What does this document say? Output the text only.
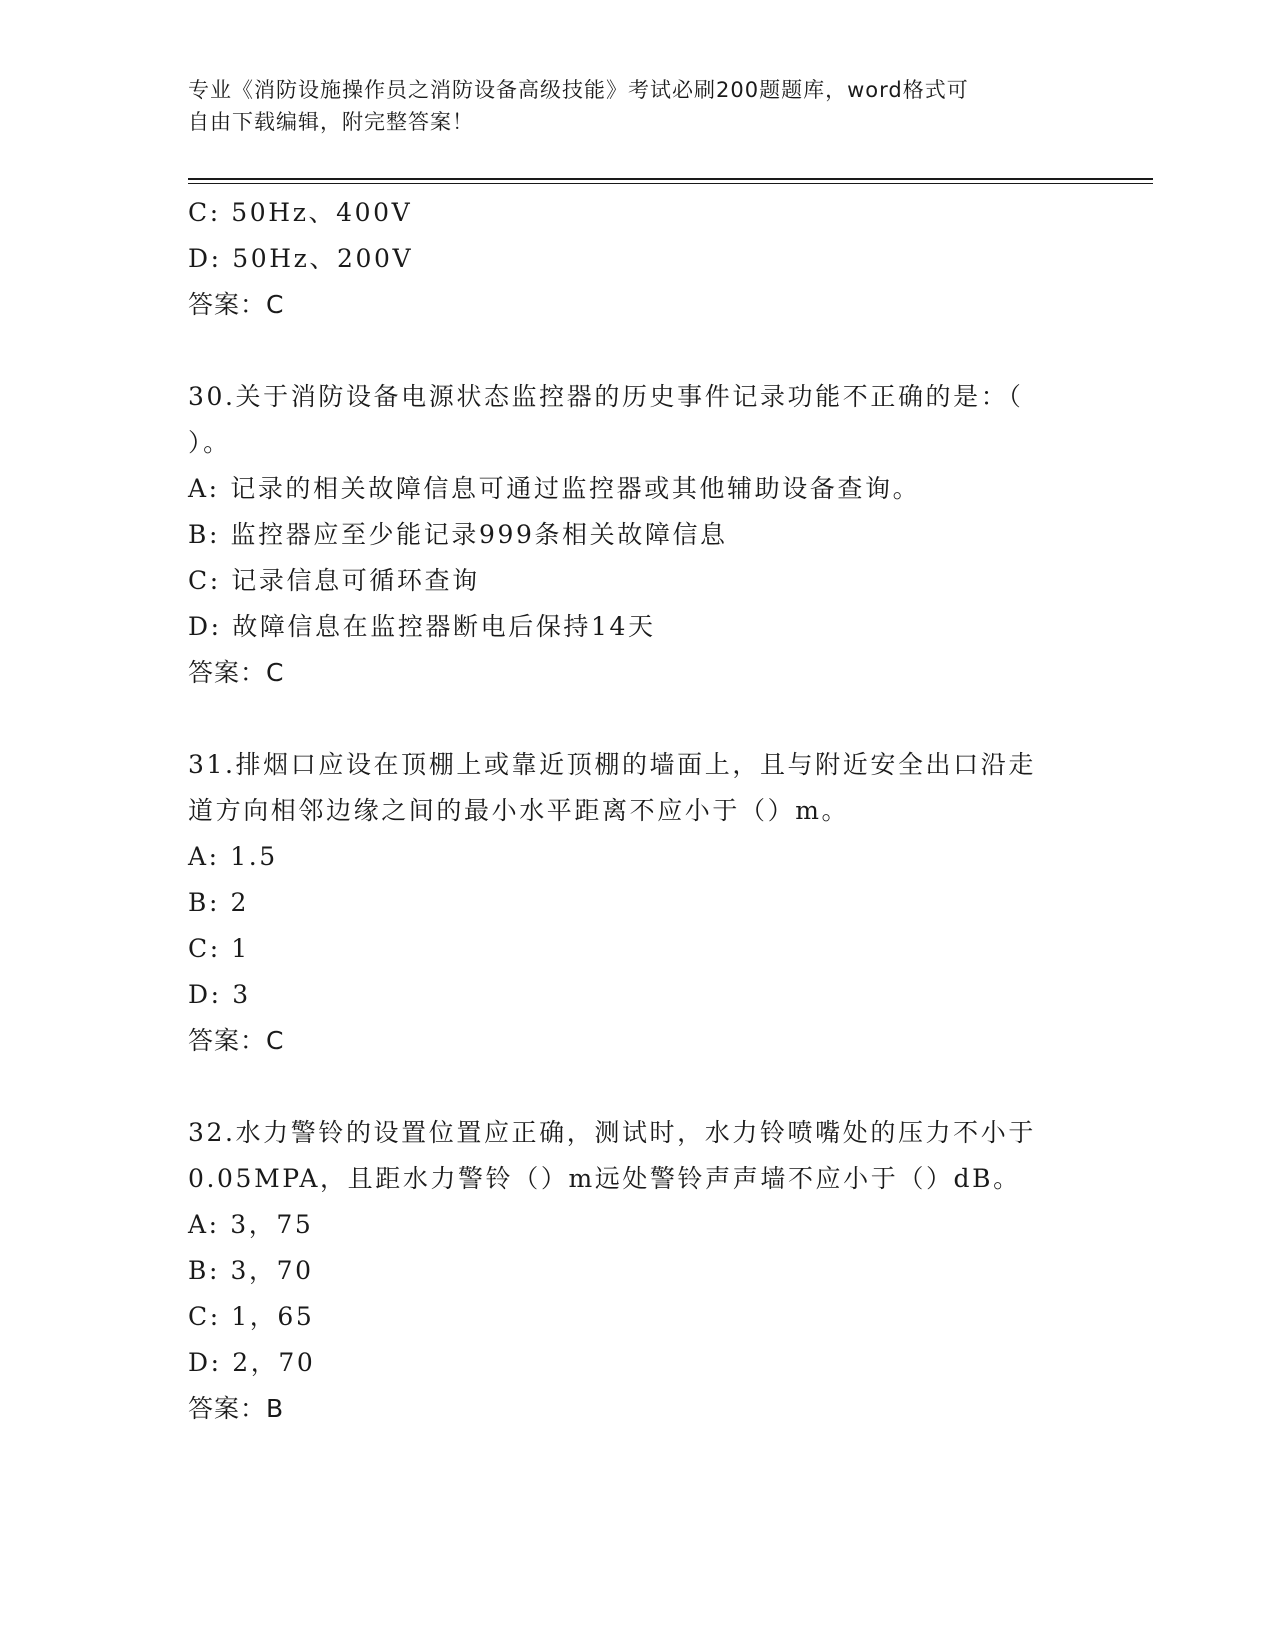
专业《消防设施操作员之消防设备高级技能》考试必刷200题题库，word格式可
自由下载编辑，附完整答案！
C: 50Hz、400V
D: 50Hz、200V
答案：C
30.关于消防设备电源状态监控器的历史事件记录功能不正确的是：（
）。
A: 记录的相关故障信息可通过监控器或其他辅助设备查询。
B: 监控器应至少能记录999条相关故障信息
C: 记录信息可循环查询
D: 故障信息在监控器断电后保持14天
答案：C
31.排烟口应设在顶棚上或靠近顶棚的墙面上，且与附近安全出口沿走
道方向相邻边缘之间的最小水平距离不应小于（）m。
A: 1.5
B: 2
C: 1
D: 3
答案：C
32.水力警铃的设置位置应正确，测试时，水力铃喷嘴处的压力不小于
0.05MPA，且距水力警铃（）m远处警铃声声墙不应小于（）dB。
A: 3，75
B: 3，70
C: 1，65
D: 2，70
答案：B
